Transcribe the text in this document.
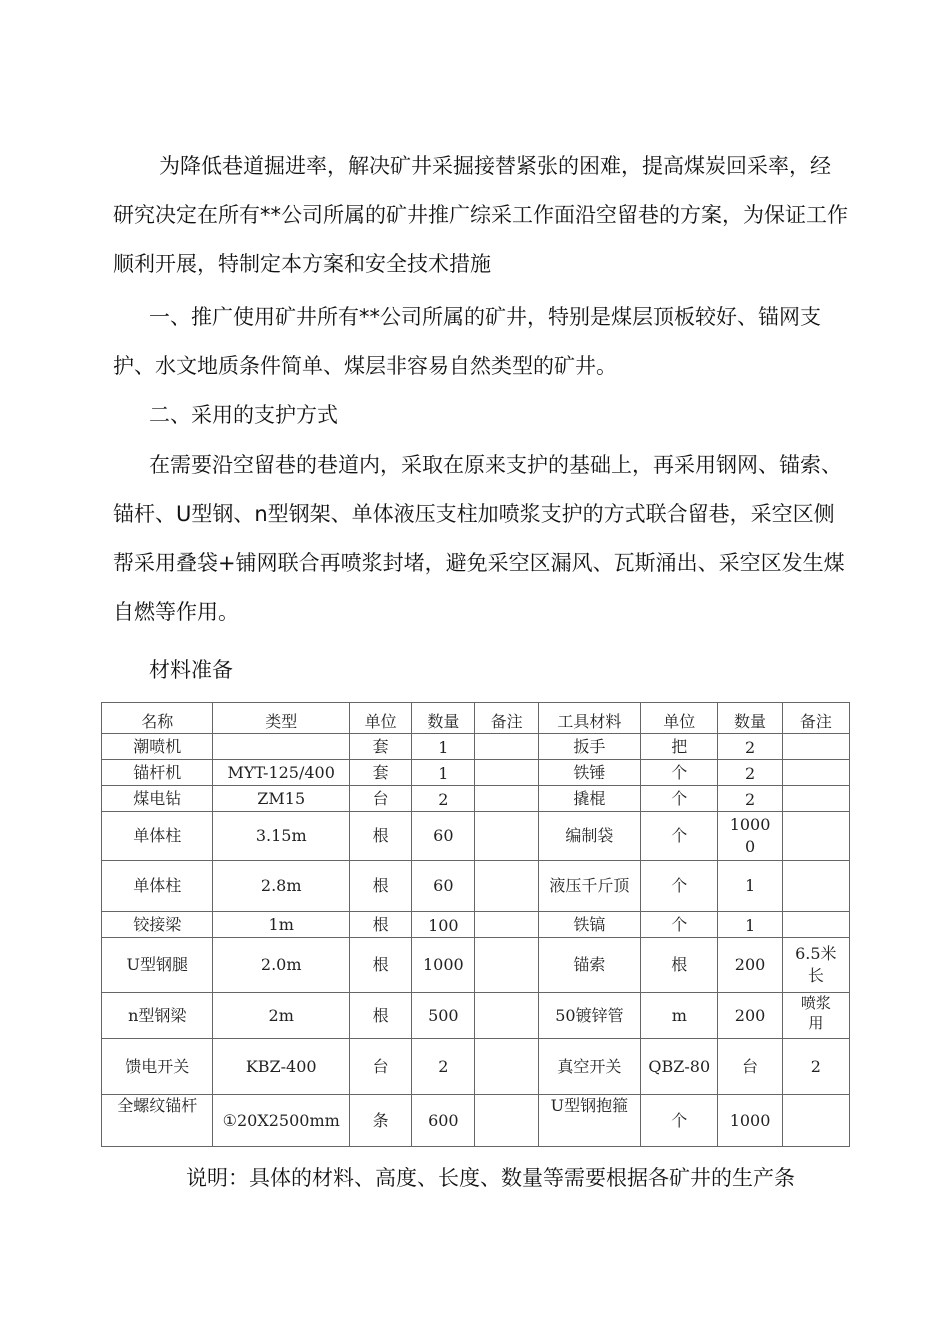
为降低巷道掘进率，解决矿井采掘接替紧张的困难，提高煤炭回采率，经研究决定在所有**公司所属的矿井推广综采工作面沿空留巷的方案，为保证工作顺利开展，特制定本方案和安全技术措施

一、推广使用矿井所有**公司所属的矿井，特别是煤层顶板较好、锚网支护、水文地质条件简单、煤层非容易自然类型的矿井。

二、采用的支护方式

在需要沿空留巷的巷道内，采取在原来支护的基础上，再采用钢网、锚索、锚杆、U型钢、n型钢架、单体液压支柱加喷浆支护的方式联合留巷，采空区侧帮采用叠袋+铺网联合再喷浆封堵，避免采空区漏风、瓦斯涌出、采空区发生煤自燃等作用。

材料准备
名称	类型	单位	数量	备注	工具材料	单位	数量	备注
潮喷机		套	1		扳手	把	2	
锚杆机	MYT-125/400	套	1		铁锤	个	2	
煤电钻	ZM15	台	2		撬棍	个	2	
单体柱	3.15m	根	60		编制袋	个	10000	
单体柱	2.8m	根	60		液压千斤顶	个	1	
铰接梁	1m	根	100		铁镐	个	1	
U型钢腿	2.0m	根	1000		锚索	根	200	6.5米长
n型钢梁	2m	根	500		50镀锌管	m	200	喷浆用
馈电开关	KBZ-400	台	2		真空开关	QBZ-80	台	2
全螺纹锚杆	①20X2500mm	条	600		U型钢抱箍	个	1000	
说明：具体的材料、高度、长度、数量等需要根据各矿井的生产条
